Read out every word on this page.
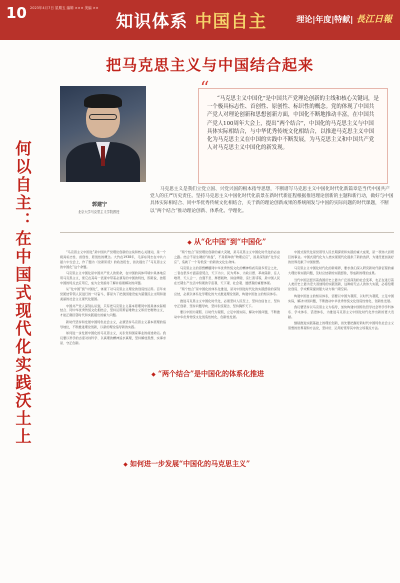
10 2023年4月7日 星期五 编辑 ××× 美编 ××
知识体系 中国自主	理论|年度|特献| 長江日報
把马克思主义与中国结合起来
何以自主：在中国式现代化实践沃土上	郭建宁
北京大学马克思主义学院教授
“马克思主义中国化”是中国共产党理论创新的主线和核心关键词，是一个极具标志性、首创性、原创性、标识性的概念。党的体现了中国共产党人对理论创新和思想创新方面，中国化不断地推动丰富，在中国共产党人100周年大会上，提出“两个结合”，中国化的马克思主义与中国具体实际相结合，与中华优秀传统文化相结合，以推进马克思主义中国化为马克思主义在中国的实践中不断发展，为马克思主义和中国共产党人对马克思主义中国化的新发现。
马克思主义是我们立党立国、兴党兴国的根本指导思想，不断谱写马克思主义中国化时代化新篇章是当代中国共产党人的庄严历史责任。坚持马克思主义中国化时代化前景在新时代新征程根据推进理论创新的主题和新行动，做好与中国具体实际相结合、同中华优秀传统文化相结合，关于新的理论创新成果的系统阐发与中国的实际问题的时代课题，不断以“两个结合”推动理论创新、体系化、学理化。
从“化中国”到“中国化”

“马克思主义中国化”是中国共产党理论创新的主线和核心关键词，是一个极具标志性、首创性、原创性的概念。大约在1938年，毛泽东同志在中共六届六中全会上，作了题为《论新阶段》的政治报告，首次提出了“马克思主义的中国化”这个命题。

马克思主义中国化是中国共产党人的使命，在中国的具体环境中具体地应用马克思主义，使它在其每一表现中带着必须有的中国的特性，即是说，按照中国的特点去应用它，成为全党亟待了解并亟须解决的问题。

从“化中国”到“中国化”，体现了对马克思主义理论的创造性运用。百年来党团结带领人民进行的一切奋斗，都是为了把我国建设成为富强民主文明和谐美丽的社会主义现代化强国。

中国共产党人深刻认识到，只有把马克思主义基本原理同中国具体实际相结合、同中华优秀传统文化相结合，坚持运用辩证唯物主义和历史唯物主义，才能正确回答时代和实践提出的重大问题。

新时代坚持和发展中国特色社会主义，必须坚持马克思主义基本原理的指导地位，不断推进理论创新，以新的理论指导新的实践。

如何进一步发展中国化的马克思主义，关系党和国家事业的前途命运。我们要以科学的态度对待科学、以真理的精神追求真理，坚持解放思想、实事求是、守正创新。

“两个结合”是党理论创新的重大突破，是马克思主义中国化时代化的必由之路。结合不是生硬的“拼盘”，不是简单的“物理反应”，而是深刻的“化学反应”，造就了一个有机统一的新的文化生命体。

马克思主义的思想精髓同中华优秀传统文化的精神特质有诸多契合之处，二者在很多方面高度契合，天下为公、民为邦本、为政以德、革故鼎新、任人唯贤、天人合一、自强不息、厚德载物、讲信修睦、亲仁善邻等，是中国人民在长期生产生活中积累的宇宙观、天下观、社会观、道德观的重要体现。

“两个结合”是中国化的体系化推进，是对中国化时代化的实践经验的深刻总结，必须以体系化学理化的方式推进理论创新，构建中国自主的知识体系。

推进马克思主义中国化时代化，必须坚持人民至上、坚持自信自立、坚持守正创新、坚持问题导向、坚持系统观念、坚持胸怀天下。

要以中国为观照、以时代为观照，立足中国实际，解决中国问题，不断推动中华优秀传统文化创造性转化、创新性发展。

中国式现代化是党领导人民长期探索和实践的重大成果，是一项伟大而艰巨的事业。中国式现代化为人类实现现代化提供了新的选择，为建设更加美好的世界贡献了中国智慧。

马克思主义中国化时代化的新境界，要求我们深入研究新时代新征程的重大理论和实践问题，及时总结新的实践经验，形成新的理论成果。

当代中国正经历着我国历史上最为广泛而深刻的社会变革，也正在进行着人类历史上最为宏大而独特的实践创新，这种前无古人的伟大实践，必将给理论创造、学术繁荣提供强大动力和广阔空间。

构建中国自主的知识体系，需要以中国为观照、以时代为观照，立足中国实际，解决中国问题，不断推动中华优秀传统文化创造性转化、创新性发展。

我们要坚持以马克思主义为指导，加快构建中国特色哲学社会科学学科体系、学术体系、话语体系，为推进马克思主义中国化时代化作出新的更大贡献。

继续推进实践基础上的理论创新，首先要把握好新时代中国特色社会主义思想的世界观和方法论，坚持好、运用好贯穿其中的立场观点方法。

“两个结合”是中国化的体系化推进
如何进一步发展“中国化的马克思主义”
